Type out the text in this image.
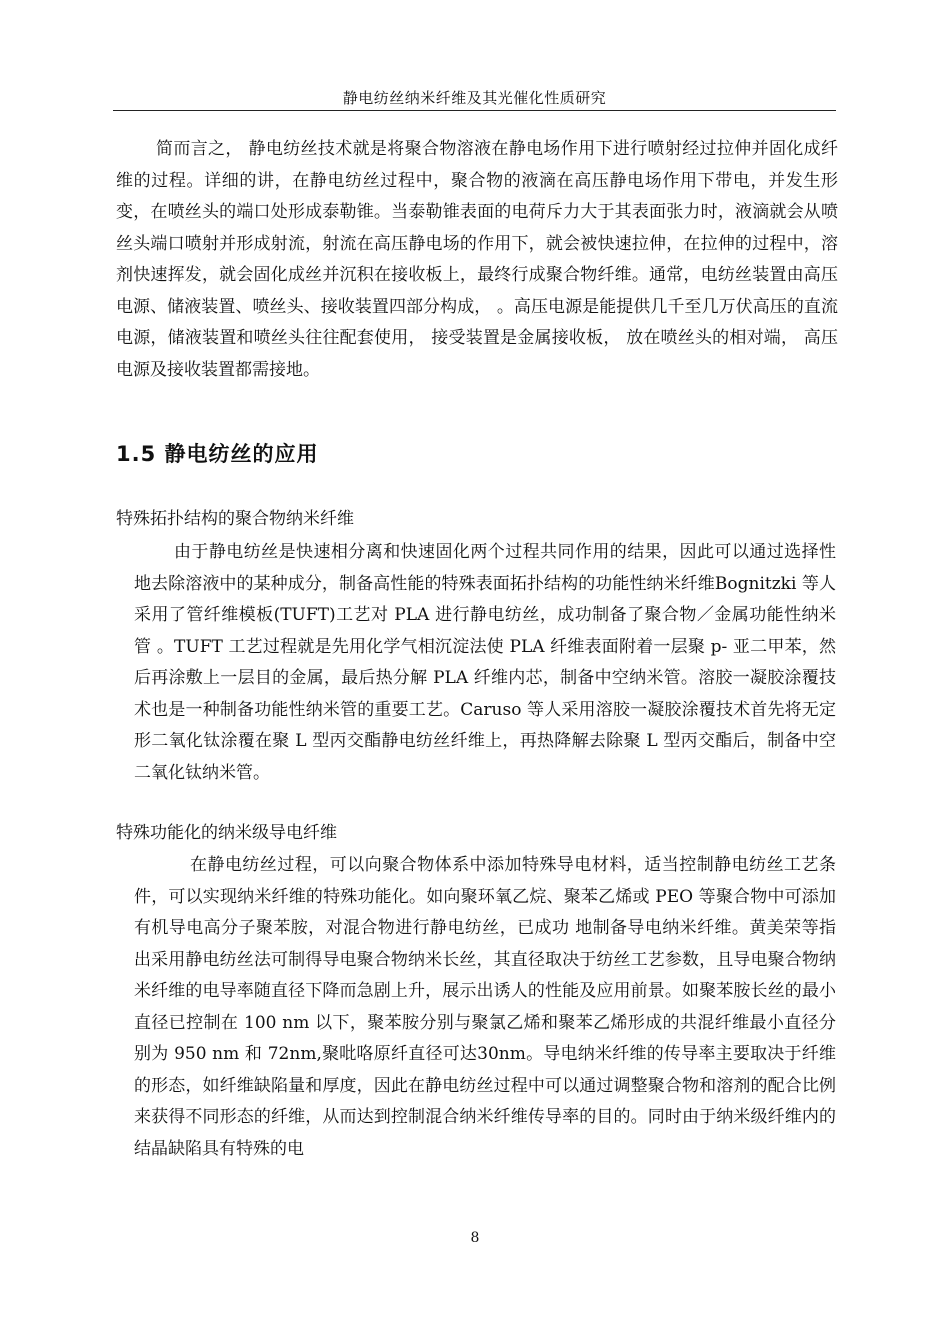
静电纺丝纳米纤维及其光催化性质研究

简而言之， 静电纺丝技术就是将聚合物溶液在静电场作用下进行喷射经过拉伸并固化成纤维的过程。详细的讲，在静电纺丝过程中，聚合物的液滴在高压静电场作用下带电，并发生形变，在喷丝头的端口处形成泰勒锥。当泰勒锥表面的电荷斥力大于其表面张力时，液滴就会从喷丝头端口喷射并形成射流，射流在高压静电场的作用下，就会被快速拉伸，在拉伸的过程中，溶剂快速挥发，就会固化成丝并沉积在接收板上，最终行成聚合物纤维。通常，电纺丝装置由高压电源、储液装置、喷丝头、接收装置四部分构成， 。高压电源是能提供几千至几万伏高压的直流电源，储液装置和喷丝头往往配套使用， 接受装置是金属接收板， 放在喷丝头的相对端， 高压电源及接收装置都需接地。

1.5 静电纺丝的应用
特殊拓扑结构的聚合物纳米纤维

由于静电纺丝是快速相分离和快速固化两个过程共同作用的结果，因此可以通过选择性地去除溶液中的某种成分，制备高性能的特殊表面拓扑结构的功能性纳米纤维Bognitzki 等人采用了管纤维模板(TUFT)工艺对 PLA 进行静电纺丝，成功制备了聚合物／金属功能性纳米管 。TUFT 工艺过程就是先用化学气相沉淀法使 PLA 纤维表面附着一层聚 p- 亚二甲苯，然后再涂敷上一层目的金属，最后热分解 PLA 纤维内芯，制备中空纳米管。溶胶一凝胶涂覆技术也是一种制备功能性纳米管的重要工艺。Caruso 等人采用溶胶一凝胶涂覆技术首先将无定形二氧化钛涂覆在聚 L 型丙交酯静电纺丝纤维上，再热降解去除聚 L 型丙交酯后，制备中空二氧化钛纳米管。

特殊功能化的纳米级导电纤维

在静电纺丝过程，可以向聚合物体系中添加特殊导电材料，适当控制静电纺丝工艺条件，可以实现纳米纤维的特殊功能化。如向聚环氧乙烷、聚苯乙烯或 PEO 等聚合物中可添加有机导电高分子聚苯胺，对混合物进行静电纺丝，已成功 地制备导电纳米纤维。黄美荣等指出采用静电纺丝法可制得导电聚合物纳米长丝，其直径取决于纺丝工艺参数，且导电聚合物纳米纤维的电导率随直径下降而急剧上升，展示出诱人的性能及应用前景。如聚苯胺长丝的最小直径已控制在 100 nm 以下，聚苯胺分别与聚氯乙烯和聚苯乙烯形成的共混纤维最小直径分别为 950 nm 和 72nm,聚吡咯原纤直径可达30nm。导电纳米纤维的传导率主要取决于纤维的形态，如纤维缺陷量和厚度，因此在静电纺丝过程中可以通过调整聚合物和溶剂的配合比例来获得不同形态的纤维，从而达到控制混合纳米纤维传导率的目的。同时由于纳米级纤维内的结晶缺陷具有特殊的电

8
